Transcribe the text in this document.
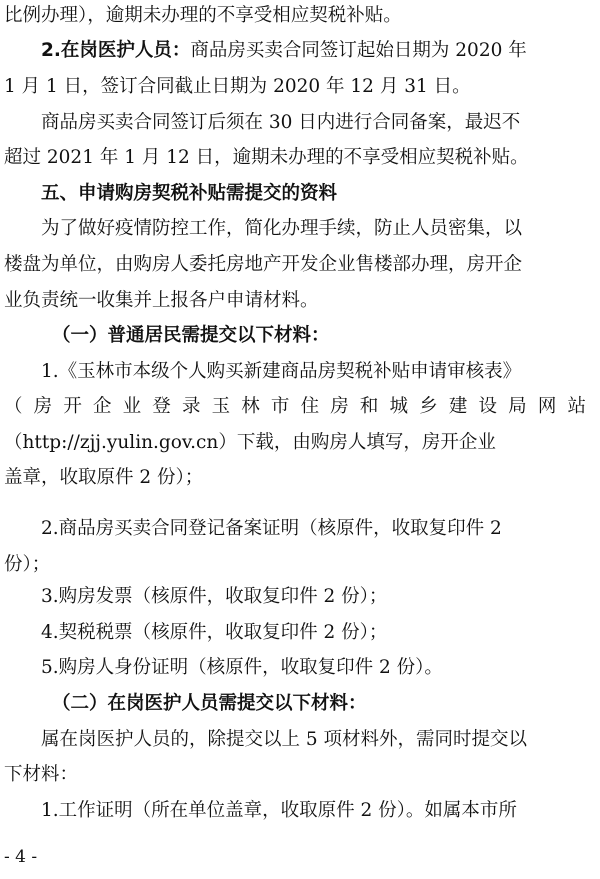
比例办理），逾期未办理的不享受相应契税补贴。
2.在岗医护人员：商品房买卖合同签订起始日期为 2020 年
1 月 1 日，签订合同截止日期为 2020 年 12 月 31 日。
商品房买卖合同签订后须在 30 日内进行合同备案，最迟不
超过 2021 年 1 月 12 日，逾期未办理的不享受相应契税补贴。
五、申请购房契税补贴需提交的资料
为了做好疫情防控工作，简化办理手续，防止人员密集，以
楼盘为单位，由购房人委托房地产开发企业售楼部办理，房开企
业负责统一收集并上报各户申请材料。
（一）普通居民需提交以下材料：
1.《玉林市本级个人购买新建商品房契税补贴申请审核表》
（房开企业登录玉林市住房和城乡建设局网站
（http://zjj.yulin.gov.cn）下载，由购房人填写，房开企业
盖章，收取原件 2 份）；
2.商品房买卖合同登记备案证明（核原件，收取复印件 2
份）；
3.购房发票（核原件，收取复印件 2 份）；
4.契税税票（核原件，收取复印件 2 份）；
5.购房人身份证明（核原件，收取复印件 2 份）。
（二）在岗医护人员需提交以下材料：
属在岗医护人员的，除提交以上 5 项材料外，需同时提交以
下材料：
1.工作证明（所在单位盖章，收取原件 2 份）。如属本市所
- 4 -
